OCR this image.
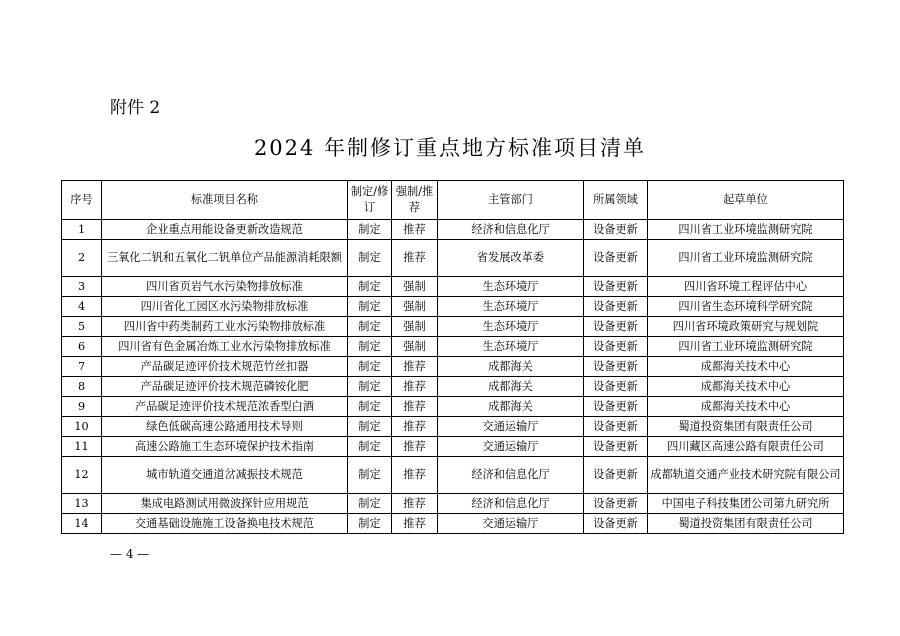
附件 2
2024 年制修订重点地方标准项目清单
序号	标准项目名称	制定/修订	强制/推荐	主管部门	所属领域	起草单位
1	企业重点用能设备更新改造规范	制定	推荐	经济和信息化厅	设备更新	四川省工业环境监测研究院
2	三氧化二钒和五氧化二钒单位产品能源消耗限额	制定	推荐	省发展改革委	设备更新	四川省工业环境监测研究院
3	四川省页岩气水污染物排放标准	制定	强制	生态环境厅	设备更新	四川省环境工程评估中心
4	四川省化工园区水污染物排放标准	制定	强制	生态环境厅	设备更新	四川省生态环境科学研究院
5	四川省中药类制药工业水污染物排放标准	制定	强制	生态环境厅	设备更新	四川省环境政策研究与规划院
6	四川省有色金属冶炼工业水污染物排放标准	制定	强制	生态环境厅	设备更新	四川省工业环境监测研究院
7	产品碳足迹评价技术规范竹丝扣器	制定	推荐	成都海关	设备更新	成都海关技术中心
8	产品碳足迹评价技术规范磷铵化肥	制定	推荐	成都海关	设备更新	成都海关技术中心
9	产品碳足迹评价技术规范浓香型白酒	制定	推荐	成都海关	设备更新	成都海关技术中心
10	绿色低碳高速公路通用技术导则	制定	推荐	交通运输厅	设备更新	蜀道投资集团有限责任公司
11	高速公路施工生态环境保护技术指南	制定	推荐	交通运输厅	设备更新	四川藏区高速公路有限责任公司
12	城市轨道交通道岔减振技术规范	制定	推荐	经济和信息化厅	设备更新	成都轨道交通产业技术研究院有限公司
13	集成电路测试用微波探针应用规范	制定	推荐	经济和信息化厅	设备更新	中国电子科技集团公司第九研究所
14	交通基础设施施工设备换电技术规范	制定	推荐	交通运输厅	设备更新	蜀道投资集团有限责任公司
— 4 —
